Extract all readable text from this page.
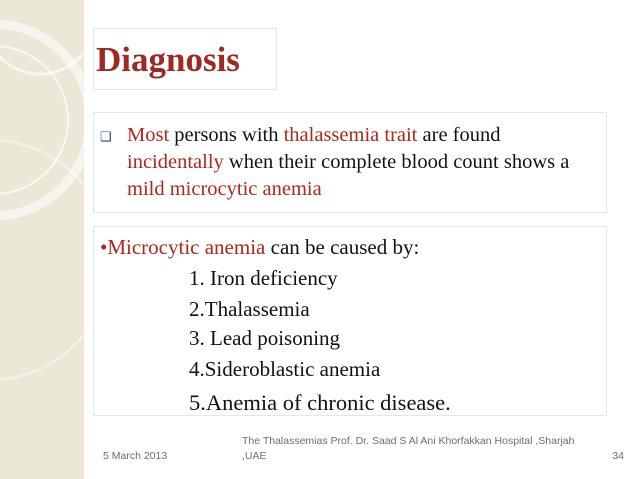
Diagnosis
❑ Most persons with thalassemia trait are found incidentally when their complete blood count shows a mild microcytic anemia
•Microcytic anemia can be caused by:

1. Iron deficiency

2.Thalassemia

3. Lead poisoning

4.Sideroblastic anemia

5.Anemia of chronic disease.

5 March 2013
The Thalassemias Prof. Dr. Saad S Al Ani Khorfakkan Hospital ,Sharjah ,UAE	34
